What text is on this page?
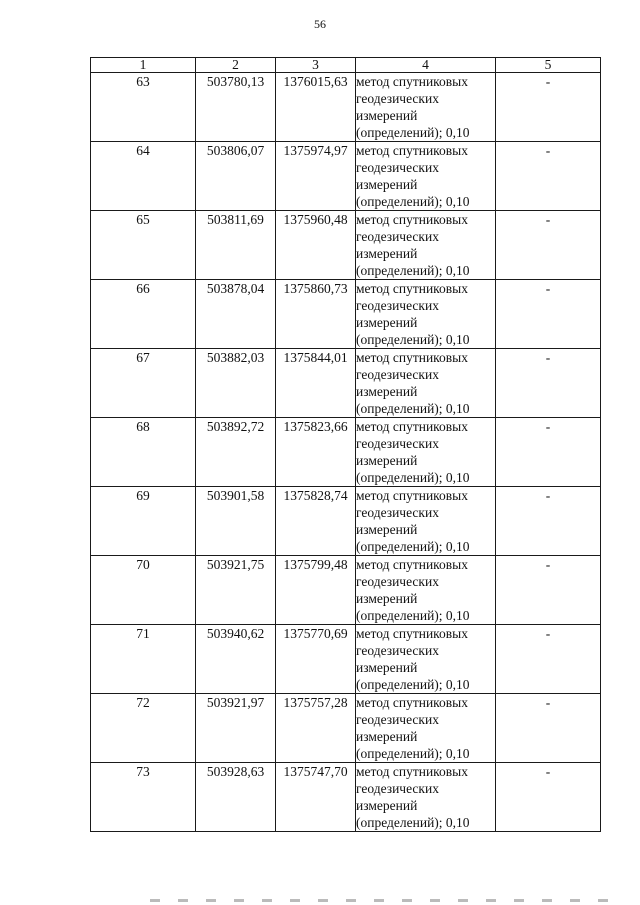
56
1	2	3	4	5
63	503780,13	1376015,63	метод спутниковых геодезических измерений (определений); 0,10	-
64	503806,07	1375974,97	метод спутниковых геодезических измерений (определений); 0,10	-
65	503811,69	1375960,48	метод спутниковых геодезических измерений (определений); 0,10	-
66	503878,04	1375860,73	метод спутниковых геодезических измерений (определений); 0,10	-
67	503882,03	1375844,01	метод спутниковых геодезических измерений (определений); 0,10	-
68	503892,72	1375823,66	метод спутниковых геодезических измерений (определений); 0,10	-
69	503901,58	1375828,74	метод спутниковых геодезических измерений (определений); 0,10	-
70	503921,75	1375799,48	метод спутниковых геодезических измерений (определений); 0,10	-
71	503940,62	1375770,69	метод спутниковых геодезических измерений (определений); 0,10	-
72	503921,97	1375757,28	метод спутниковых геодезических измерений (определений); 0,10	-
73	503928,63	1375747,70	метод спутниковых геодезических измерений (определений); 0,10	-
